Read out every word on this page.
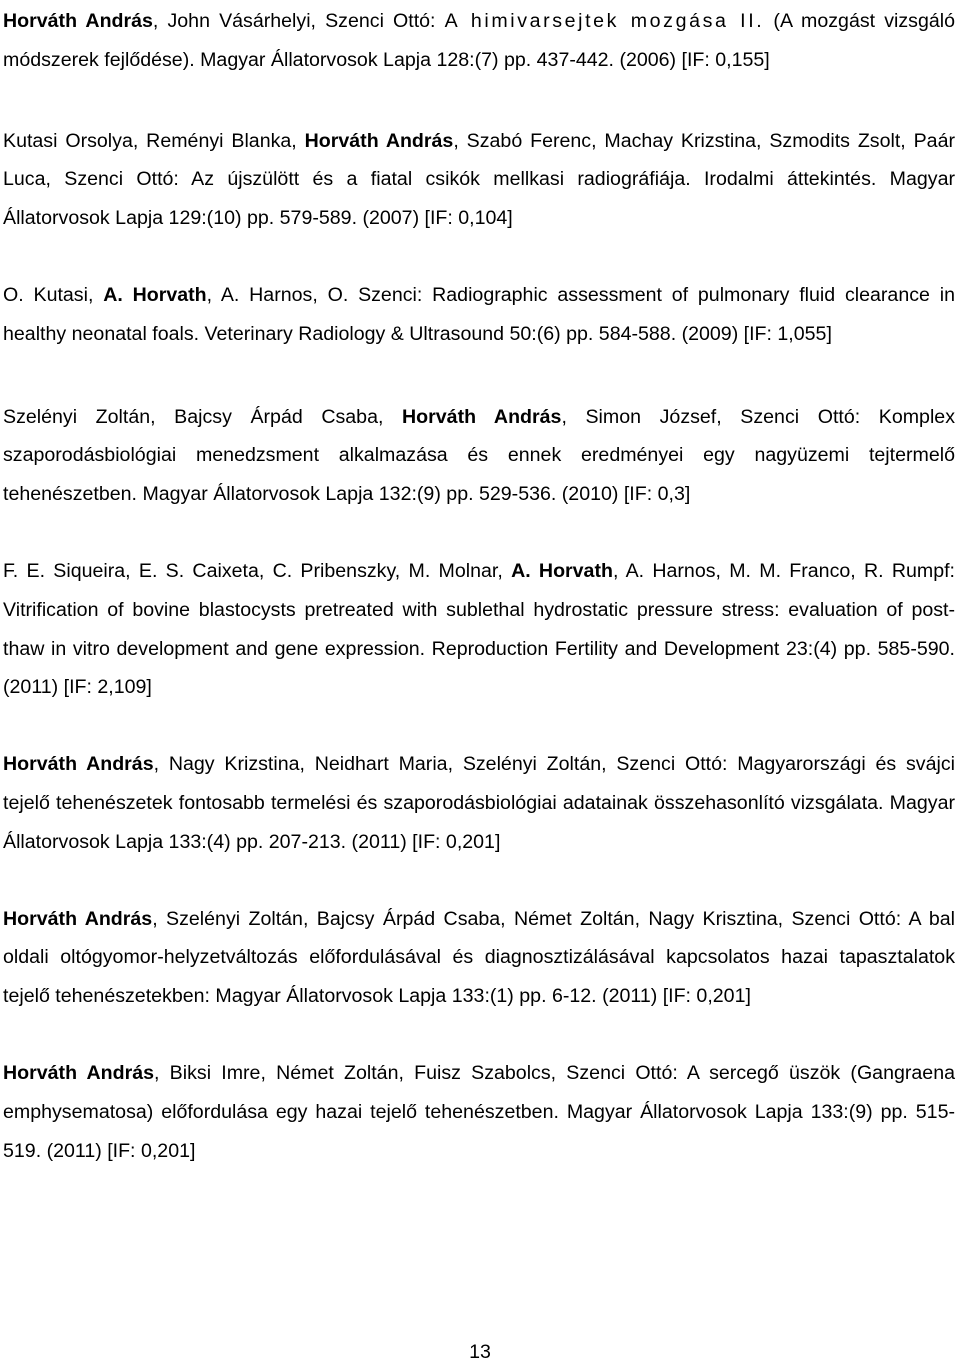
Horváth András, John Vásárhelyi, Szenci Ottó: A himivarsejtek mozgása II. (A mozgást vizsgáló módszerek fejlődése). Magyar Állatorvosok Lapja 128:(7) pp. 437-442. (2006) [IF: 0,155]

Kutasi Orsolya, Reményi Blanka, Horváth András, Szabó Ferenc, Machay Krizstina, Szmodits Zsolt, Paár Luca, Szenci Ottó: Az újszülött és a fiatal csikók mellkasi radiográfiája. Irodalmi áttekintés. Magyar Állatorvosok Lapja 129:(10) pp. 579-589. (2007) [IF: 0,104]

O. Kutasi, A. Horvath, A. Harnos, O. Szenci: Radiographic assessment of pulmonary fluid clearance in healthy neonatal foals. Veterinary Radiology & Ultrasound 50:(6) pp. 584-588. (2009) [IF: 1,055]

Szelényi Zoltán, Bajcsy Árpád Csaba, Horváth András, Simon József, Szenci Ottó: Komplex szaporodásbiológiai menedzsment alkalmazása és ennek eredményei egy nagyüzemi tejtermelő tehenészetben. Magyar Állatorvosok Lapja 132:(9) pp. 529-536. (2010) [IF: 0,3]

F. E. Siqueira, E. S. Caixeta, C. Pribenszky, M. Molnar, A. Horvath, A. Harnos, M. M. Franco, R. Rumpf: Vitrification of bovine blastocysts pretreated with sublethal hydrostatic pressure stress: evaluation of post-thaw in vitro development and gene expression. Reproduction Fertility and Development 23:(4) pp. 585-590. (2011) [IF: 2,109]

Horváth András, Nagy Krizstina, Neidhart Maria, Szelényi Zoltán, Szenci Ottó: Magyarországi és svájci tejelő tehenészetek fontosabb termelési és szaporodásbiológiai adatainak összehasonlító vizsgálata. Magyar Állatorvosok Lapja 133:(4) pp. 207-213. (2011) [IF: 0,201]

Horváth András, Szelényi Zoltán, Bajcsy Árpád Csaba, Német Zoltán, Nagy Krisztina, Szenci Ottó: A bal oldali oltógyomor-helyzetváltozás előfordulásával és diagnosztizálásával kapcsolatos hazai tapasztalatok tejelő tehenészetekben: Magyar Állatorvosok Lapja 133:(1) pp. 6-12. (2011) [IF: 0,201]

Horváth András, Biksi Imre, Német Zoltán, Fuisz Szabolcs, Szenci Ottó: A sercegő üszök (Gangraena emphysematosa) előfordulása egy hazai tejelő tehenészetben. Magyar Állatorvosok Lapja 133:(9) pp. 515-519. (2011) [IF: 0,201]

13
